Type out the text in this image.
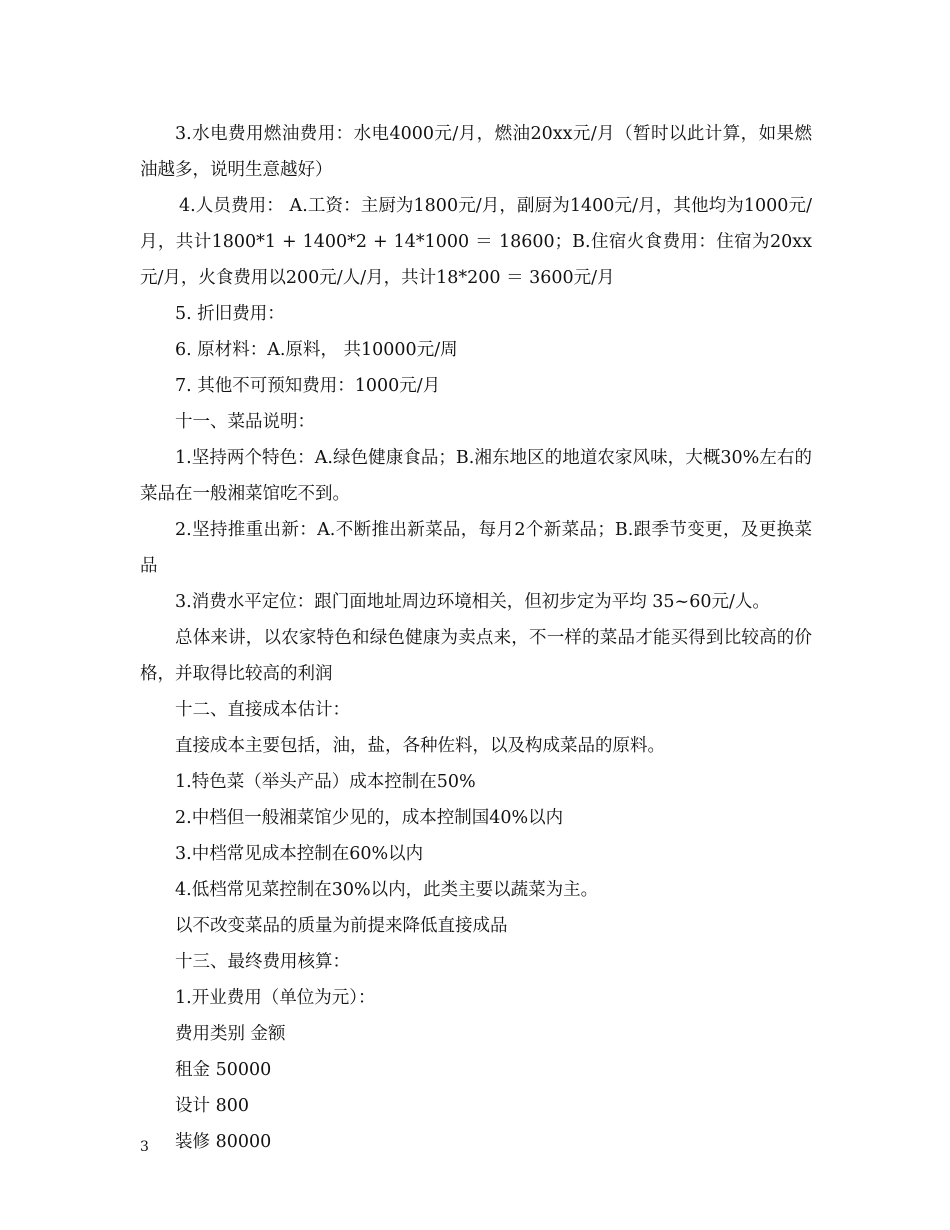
3.水电费用燃油费用：水电4000元/月，燃油20xx元/月（暂时以此计算，如果燃油越多，说明生意越好）

4.人员费用： A.工资：主厨为1800元/月，副厨为1400元/月，其他均为1000元/月，共计1800*1 + 1400*2 + 14*1000 ＝ 18600；B.住宿火食费用：住宿为20xx元/月，火食费用以200元/人/月，共计18*200 ＝ 3600元/月

5. 折旧费用：

6. 原材料：A.原料， 共10000元/周

7. 其他不可预知费用：1000元/月

十一、菜品说明：

1.坚持两个特色：A.绿色健康食品；B.湘东地区的地道农家风味，大概30%左右的菜品在一般湘菜馆吃不到。

2.坚持推重出新：A.不断推出新菜品，每月2个新菜品；B.跟季节变更，及更换菜品

3.消费水平定位：跟门面地址周边环境相关，但初步定为平均 35~60元/人。

总体来讲，以农家特色和绿色健康为卖点来，不一样的菜品才能买得到比较高的价格，并取得比较高的利润

十二、直接成本估计：

直接成本主要包括，油，盐，各种佐料，以及构成菜品的原料。

1.特色菜（举头产品）成本控制在50%

2.中档但一般湘菜馆少见的，成本控制国40%以内

3.中档常见成本控制在60%以内

4.低档常见菜控制在30%以内，此类主要以蔬菜为主。

以不改变菜品的质量为前提来降低直接成品

十三、最终费用核算：

1.开业费用（单位为元）：

费用类别 金额

租金 50000

设计 800

装修 80000

3
